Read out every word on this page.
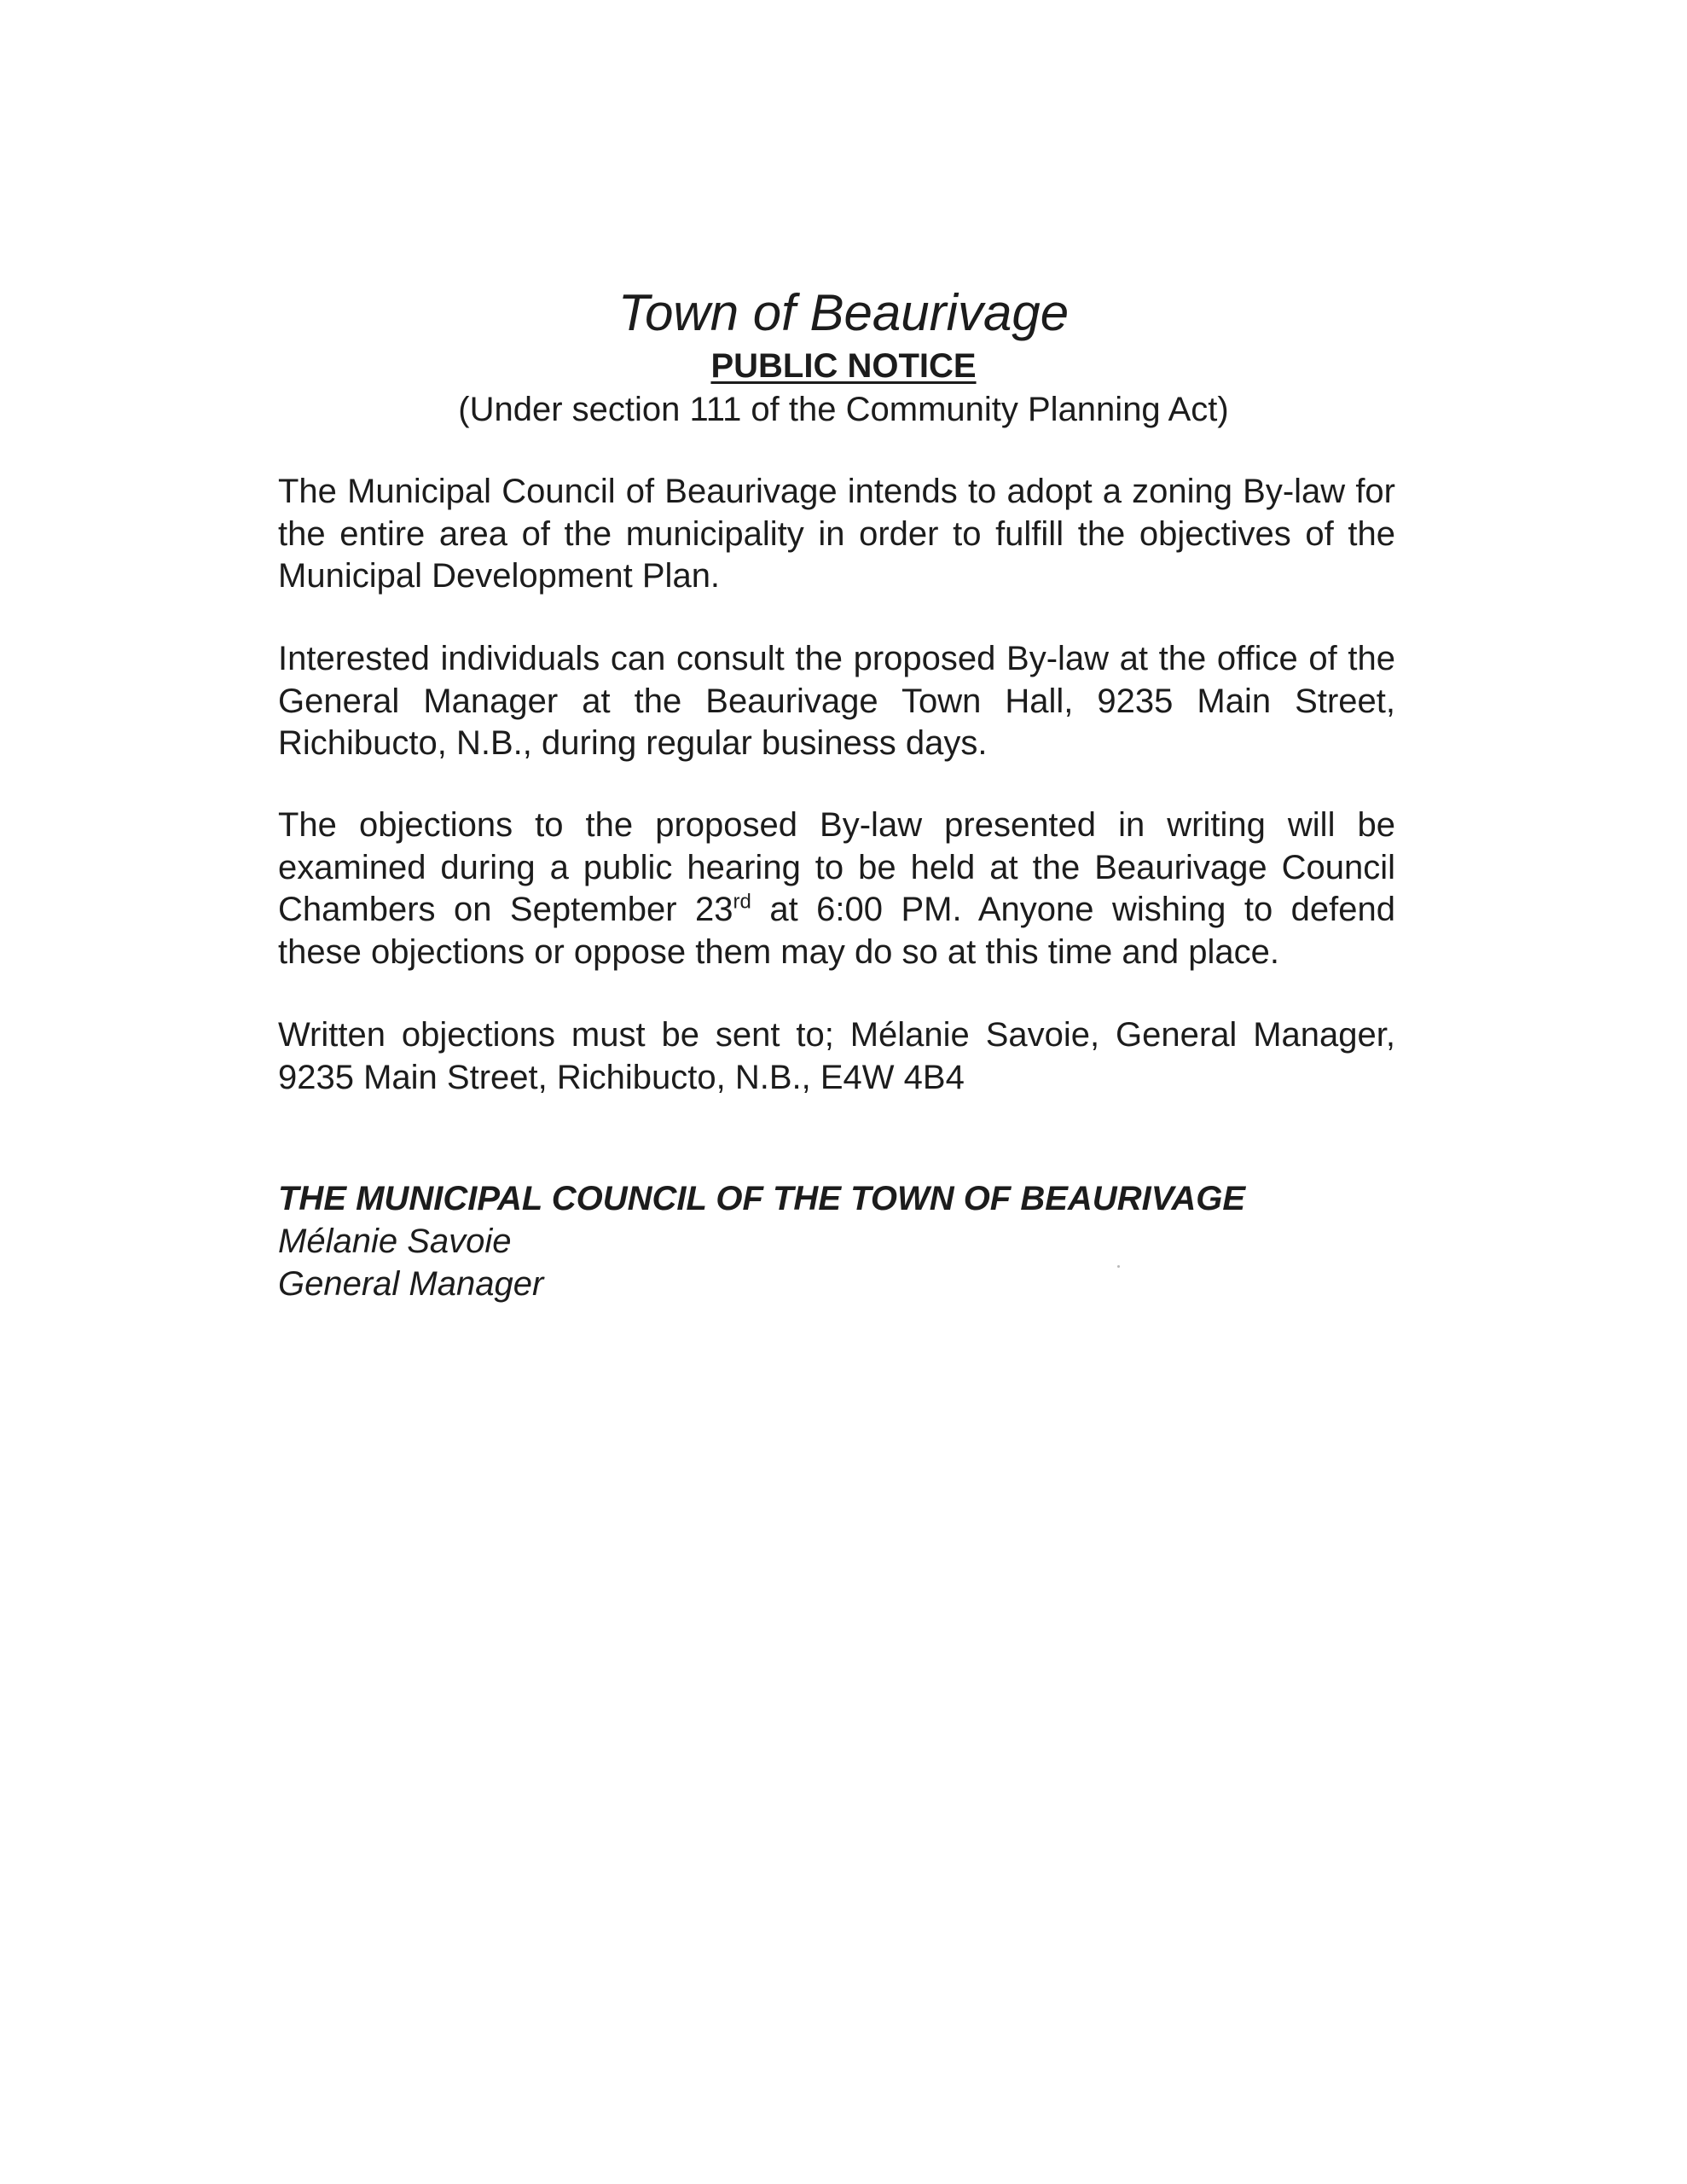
Town of Beaurivage
PUBLIC NOTICE
(Under section 111 of the Community Planning Act)
The Municipal Council of Beaurivage intends to adopt a zoning By-law for the entire area of the municipality in order to fulfill the objectives of the Municipal Development Plan.
Interested individuals can consult the proposed By-law at the office of the General Manager at the Beaurivage Town Hall, 9235 Main Street, Richibucto, N.B., during regular business days.
The objections to the proposed By-law presented in writing will be examined during a public hearing to be held at the Beaurivage Council Chambers on September 23rd at 6:00 PM. Anyone wishing to defend these objections or oppose them may do so at this time and place.
Written objections must be sent to; Mélanie Savoie, General Manager, 9235 Main Street, Richibucto, N.B., E4W 4B4
THE MUNICIPAL COUNCIL OF THE TOWN OF BEAURIVAGE
Mélanie Savoie
General Manager
